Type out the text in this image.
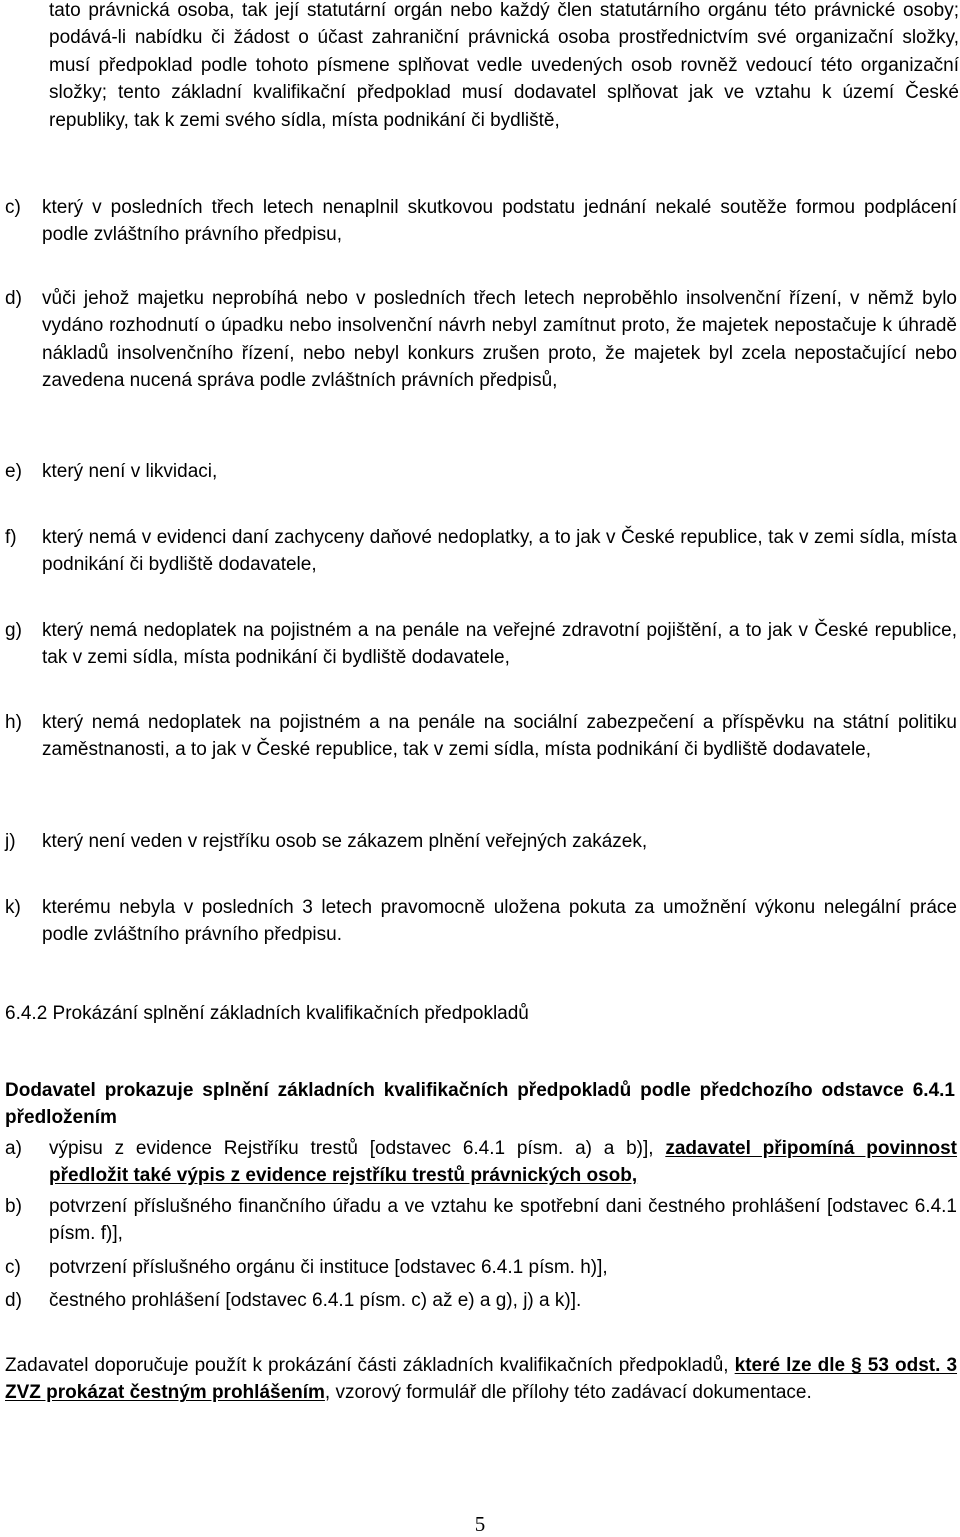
tato právnická osoba, tak její statutární orgán nebo každý člen statutárního orgánu této právnické osoby; podává-li nabídku či žádost o účast zahraniční právnická osoba prostřednictvím své organizační složky, musí předpoklad podle tohoto písmene splňovat vedle uvedených osob rovněž vedoucí této organizační složky; tento základní kvalifikační předpoklad musí dodavatel splňovat jak ve vztahu k území České republiky, tak k zemi svého sídla, místa podnikání či bydliště,
c)	který v posledních třech letech nenaplnil skutkovou podstatu jednání nekalé soutěže formou podplácení podle zvláštního právního předpisu,
d)	vůči jehož majetku neprobíhá nebo v posledních třech letech neproběhlo insolvenční řízení, v němž bylo vydáno rozhodnutí o úpadku nebo insolvenční návrh nebyl zamítnut proto, že majetek nepostačuje k úhradě nákladů insolvenčního řízení, nebo nebyl konkurs zrušen proto, že majetek byl zcela nepostačující nebo zavedena nucená správa podle zvláštních právních předpisů,
e)	který není v likvidaci,
f)	který nemá v evidenci daní zachyceny daňové nedoplatky, a to jak v České republice, tak v zemi sídla, místa podnikání či bydliště dodavatele,
g)	který nemá nedoplatek na pojistném a na penále na veřejné zdravotní pojištění, a to jak v České republice, tak v zemi sídla, místa podnikání či bydliště dodavatele,
h)	který nemá nedoplatek na pojistném a na penále na sociální zabezpečení a příspěvku na státní politiku zaměstnanosti, a to jak v České republice, tak v zemi sídla, místa podnikání či bydliště dodavatele,
j)	který není veden v rejstříku osob se zákazem plnění veřejných zakázek,
k)	kterému nebyla v posledních 3 letech pravomocně uložena pokuta za umožnění výkonu nelegální práce podle zvláštního právního předpisu.
6.4.2 Prokázání splnění základních kvalifikačních předpokladů
Dodavatel prokazuje splnění základních kvalifikačních předpokladů podle předchozího odstavce 6.4.1 předložením
a)	výpisu z evidence Rejstříku trestů [odstavec 6.4.1 písm. a) a b)], zadavatel připomíná povinnost předložit také výpis z evidence rejstříku trestů právnických osob,
b)	potvrzení příslušného finančního úřadu a ve vztahu ke spotřební dani čestného prohlášení [odstavec 6.4.1 písm. f)],
c)	potvrzení příslušného orgánu či instituce [odstavec 6.4.1 písm. h)],
d)	čestného prohlášení [odstavec 6.4.1 písm. c) až e) a g), j) a k)].
Zadavatel doporučuje použít k prokázání části základních kvalifikačních předpokladů, které lze dle § 53 odst. 3 ZVZ prokázat čestným prohlášením, vzorový formulář dle přílohy této zadávací dokumentace.
5
